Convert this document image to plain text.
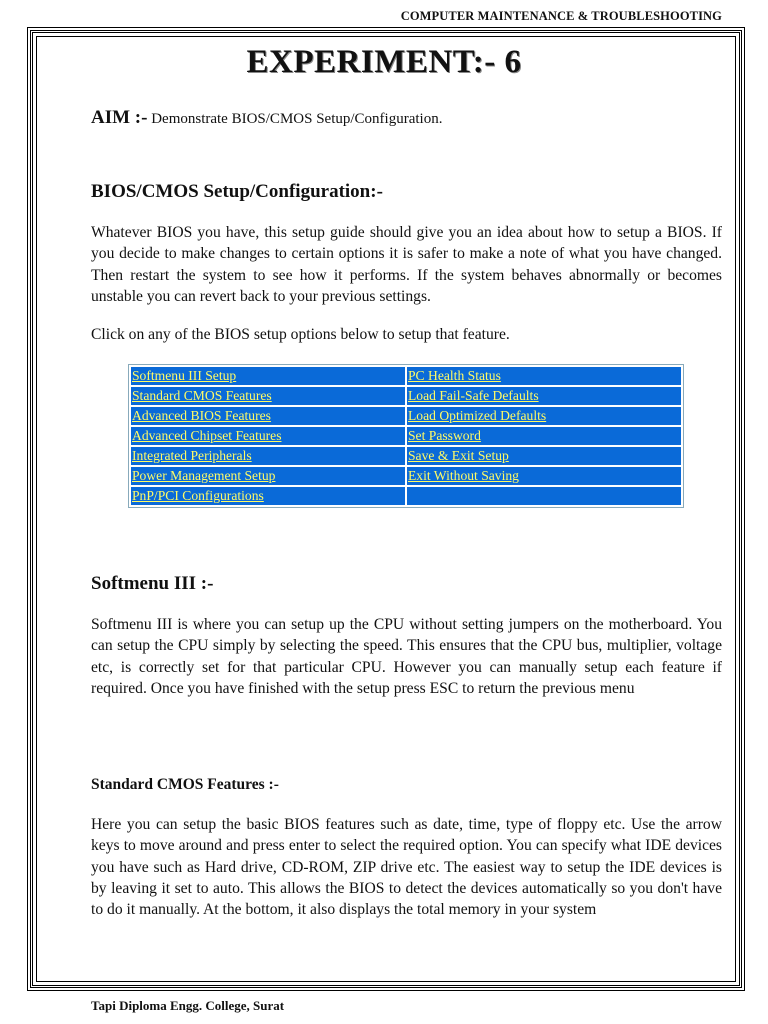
COMPUTER MAINTENANCE & TROUBLESHOOTING
EXPERIMENT:- 6
AIM :- Demonstrate BIOS/CMOS Setup/Configuration.
BIOS/CMOS Setup/Configuration:-
Whatever BIOS you have, this setup guide should give you an idea about how to setup a BIOS. If you decide to make changes to certain options it is safer to make a note of what you have changed. Then restart the system to see how it performs. If the system behaves abnormally or becomes unstable you can revert back to your previous settings.
Click on any of the BIOS setup options below to setup that feature.
Softmenu III Setup	PC Health Status
Standard CMOS Features	Load Fail-Safe Defaults
Advanced BIOS Features	Load Optimized Defaults
Advanced Chipset Features	Set Password
Integrated Peripherals	Save & Exit Setup
Power Management Setup	Exit Without Saving
PnP/PCI Configurations	
Softmenu III :-
Softmenu III is where you can setup up the CPU without setting jumpers on the motherboard. You can setup the CPU simply by selecting the speed. This ensures that the CPU bus, multiplier, voltage etc, is correctly set for that particular CPU. However you can manually setup each feature if required. Once you have finished with the setup press ESC to return the previous menu
Standard CMOS Features :-
Here you can setup the basic BIOS features such as date, time, type of floppy etc. Use the arrow keys to move around and press enter to select the required option. You can specify what IDE devices you have such as Hard drive, CD-ROM, ZIP drive etc. The easiest way to setup the IDE devices is by leaving it set to auto. This allows the BIOS to detect the devices automatically so you don't have to do it manually. At the bottom, it also displays the total memory in your system
Tapi Diploma Engg. College, Surat
